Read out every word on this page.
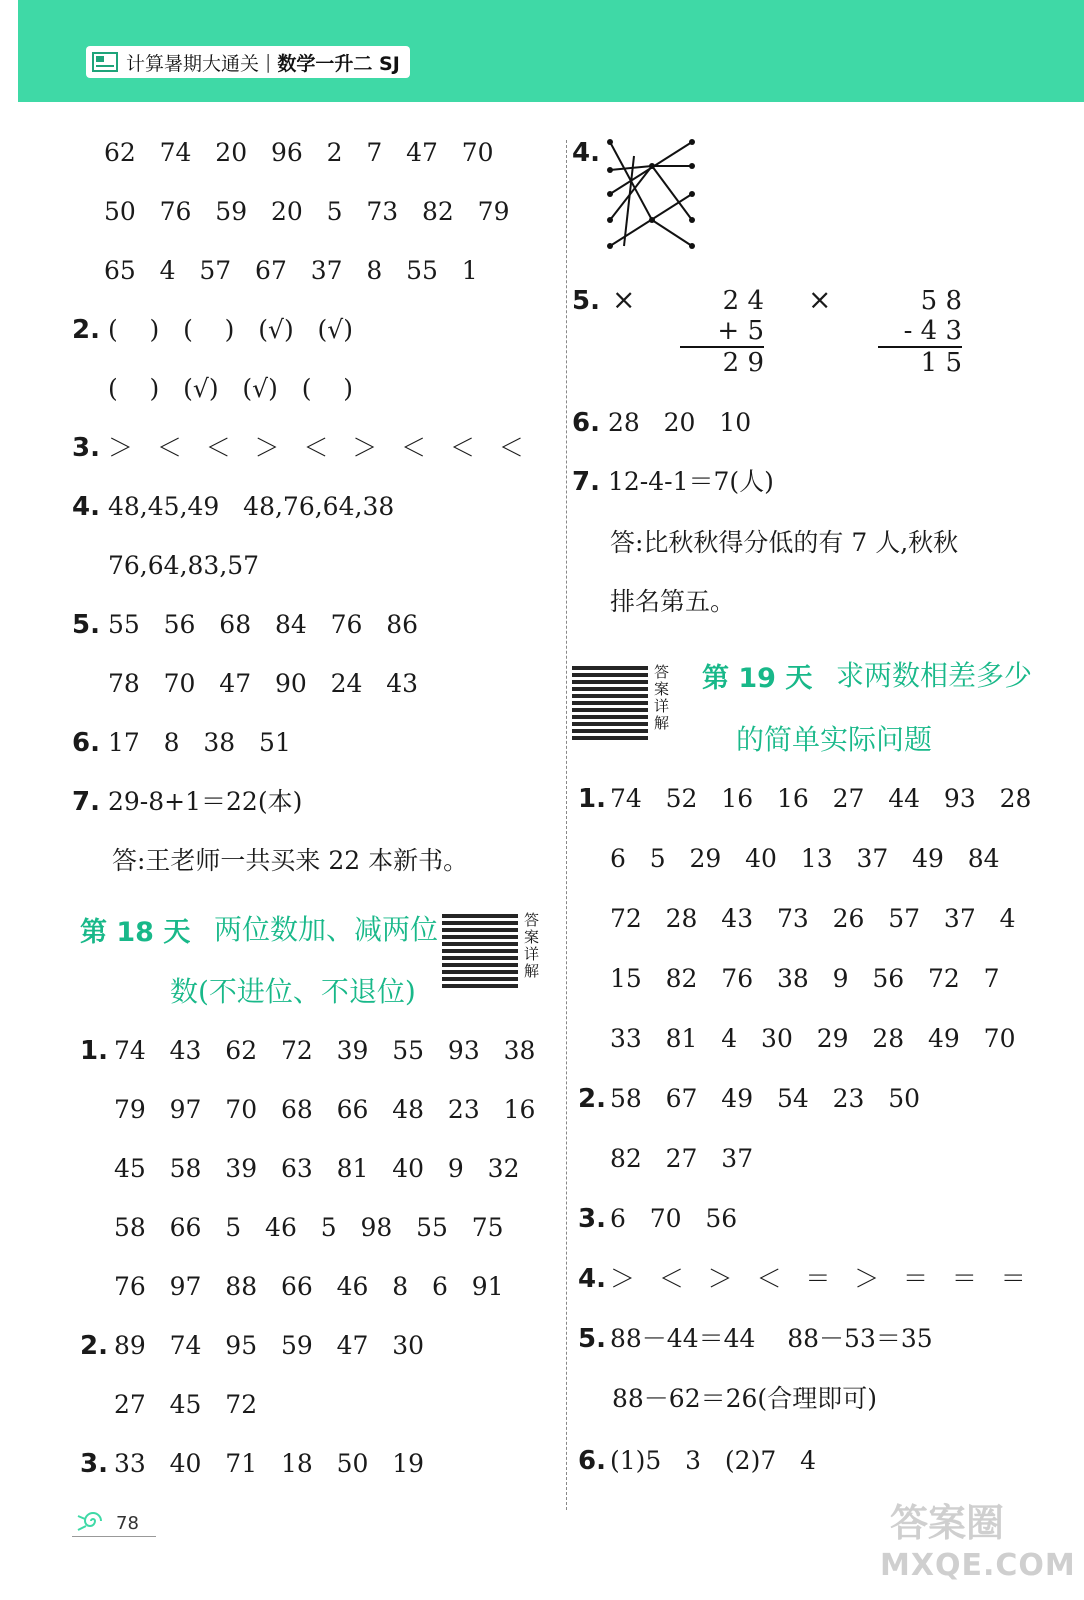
计算暑期大通关 | 数学一升二 SJ
62   74   20   96   2   7   47   70
50   76   59   20   5   73   82   79
65   4   57   67   37   8   55   1
2. (    )   (    )   (√)   (√)
(    )   (√)   (√)   (    )
3. ＞   ＜   ＜   ＞   ＜   ＞   ＜   ＜   ＜
4. 48,45,49   48,76,64,38
76,64,83,57
5. 55   56   68   84   76   86
78   70   47   90   24   43
6. 17   8   38   51
7. 29-8+1＝22(本)
答:王老师一共买来 22 本新书。
第 18 天 两位数加、减两位
数(不进位、不退位)
答案详解
1. 74   43   62   72   39   55   93   38
79   97   70   68   66   48   23   16
45   58   39   63   81   40   9   32
58   66   5   46   5   98   55   75
76   97   88   66   46   8   6   91
2. 89   74   95   59   47   30
27   45   72
3. 33   40   71   18   50   19
78
4.
5. ×	2 4
+ 5
2 9
×	5 8
- 4 3
1 5
6. 28   20   10
7. 12-4-1＝7(人)
答:比秋秋得分低的有 7 人,秋秋
排名第五。
答案详解
第 19 天 求两数相差多少
的简单实际问题
1. 74   52   16   16   27   44   93   28
6   5   29   40   13   37   49   84
72   28   43   73   26   57   37   4
15   82   76   38   9   56   72   7
33   81   4   30   29   28   49   70
2. 58   67   49   54   23   50
82   27   37
3. 6   70   56
4. ＞   ＜   ＞   ＜   ＝   ＞   ＝   ＝   ＝
5. 88－44＝44    88－53＝35
88－62＝26(合理即可)
6. (1)5   3   (2)7   4
答案圈
MXQE.COM
